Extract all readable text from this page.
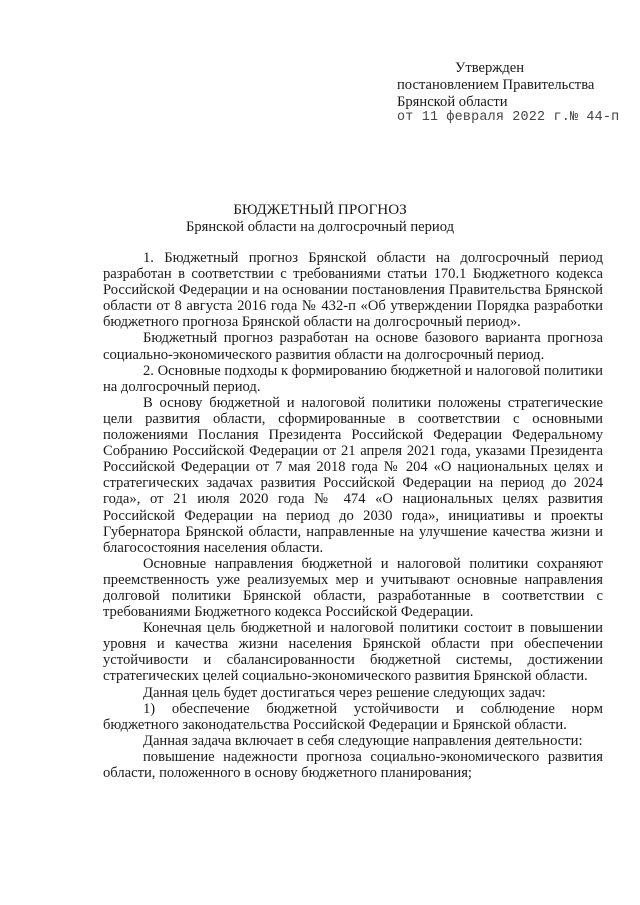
Утвержден
постановлением Правительства
Брянской области
от 11 февраля 2022 г.№ 44-п
БЮДЖЕТНЫЙ ПРОГНОЗ
Брянской области на долгосрочный период

1. Бюджетный прогноз Брянской области на долгосрочный период разработан в соответствии с требованиями статьи 170.1 Бюджетного кодекса Российской Федерации и на основании постановления Правительства Брянской области от 8 августа 2016 года № 432-п «Об утверждении Порядка разработки бюджетного прогноза Брянской области на долгосрочный период».

Бюджетный прогноз разработан на основе базового варианта прогноза социально-экономического развития области на долгосрочный период.

2. Основные подходы к формированию бюджетной и налоговой политики на долгосрочный период.

В основу бюджетной и налоговой политики положены стратегические цели развития области, сформированные в соответствии с основными положениями Послания Президента Российской Федерации Федеральному Собранию Российской Федерации от 21 апреля 2021 года, указами Президента Российской Федерации от 7 мая 2018 года № 204 «О национальных целях и стратегических задачах развития Российской Федерации на период до 2024 года», от 21 июля 2020 года № 474 «О национальных целях развития Российской Федерации на период до 2030 года», инициативы и проекты Губернатора Брянской области, направленные на улучшение качества жизни и благосостояния населения области.

Основные направления бюджетной и налоговой политики сохраняют преемственность уже реализуемых мер и учитывают основные направления долговой политики Брянской области, разработанные в соответствии с требованиями Бюджетного кодекса Российской Федерации.

Конечная цель бюджетной и налоговой политики состоит в повышении уровня и качества жизни населения Брянской области при обеспечении устойчивости и сбалансированности бюджетной системы, достижении стратегических целей социально-экономического развития Брянской области.

Данная цель будет достигаться через решение следующих задач:

1) обеспечение бюджетной устойчивости и соблюдение норм бюджетного законодательства Российской Федерации и Брянской области.

Данная задача включает в себя следующие направления деятельности:

повышение надежности прогноза социально-экономического развития области, положенного в основу бюджетного планирования;
